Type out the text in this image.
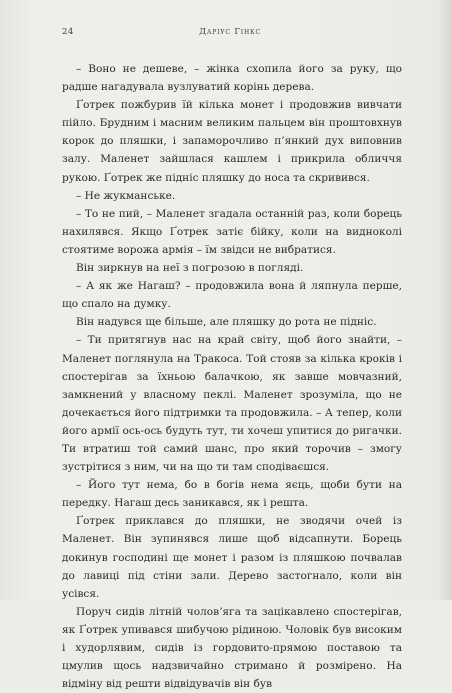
24	Даріус Гінкс

– Воно не дешеве, – жінка схопила його за руку, що радше нагадувала вузлуватий корінь дерева.

Ґотрек пожбурив їй кілька монет і продовжив вивчати пійло. Брудним і масним великим пальцем він проштовхнув корок до пляшки, і запаморочливо п’янкий дух виповнив залу. Маленет зайшлася кашлем і прикрила обличчя рукою. Ґотрек же підніс пляшку до носа та скривився.

– Не жукманське.

– То не пий, – Маленет згадала останній раз, коли борець нахилявся. Якщо Ґотрек затіє бійку, коли на видноколі стоятиме ворожа армія – їм звідси не вибратися.

Він зиркнув на неї з погрозою в погляді.

– А як же Нагаш? – продовжила вона й ляпнула перше, що спало на думку.

Він надувся ще більше, але пляшку до рота не підніс.

– Ти притягнув нас на край світу, щоб його знайти, – Маленет поглянула на Тракоса. Той стояв за кілька кроків і спостерігав за їхньою балачкою, як завше мовчазний, замкнений у власному пеклі. Маленет зрозуміла, що не дочекається його підтримки та продовжила. – А тепер, коли його армії ось-ось будуть тут, ти хочеш упитися до ригачки. Ти втратиш той самий шанс, про який торочив – змогу зустрітися з ним, чи на що ти там сподіваєшся.

– Його тут нема, бо в богів нема яєць, щоби бути на передку. Нагаш десь заникався, як і решта.

Ґотрек приклався до пляшки, не зводячи очей із Маленет. Він зупинявся лише щоб відсапнути. Борець докинув господині ще монет і разом із пляшкою почвалав до лавиці під стіни зали. Дерево застогнало, коли він усівся.

Поруч сидів літній чоловʼяга та зацікавлено спостерігав, як Ґотрек упивався шибучою рідиною. Чоловік був високим і худорлявим, сидів із гордовито-прямою поставою та цмулив щось надзвичайно стримано й розмірено. На відміну від решти відвідувачів він був
